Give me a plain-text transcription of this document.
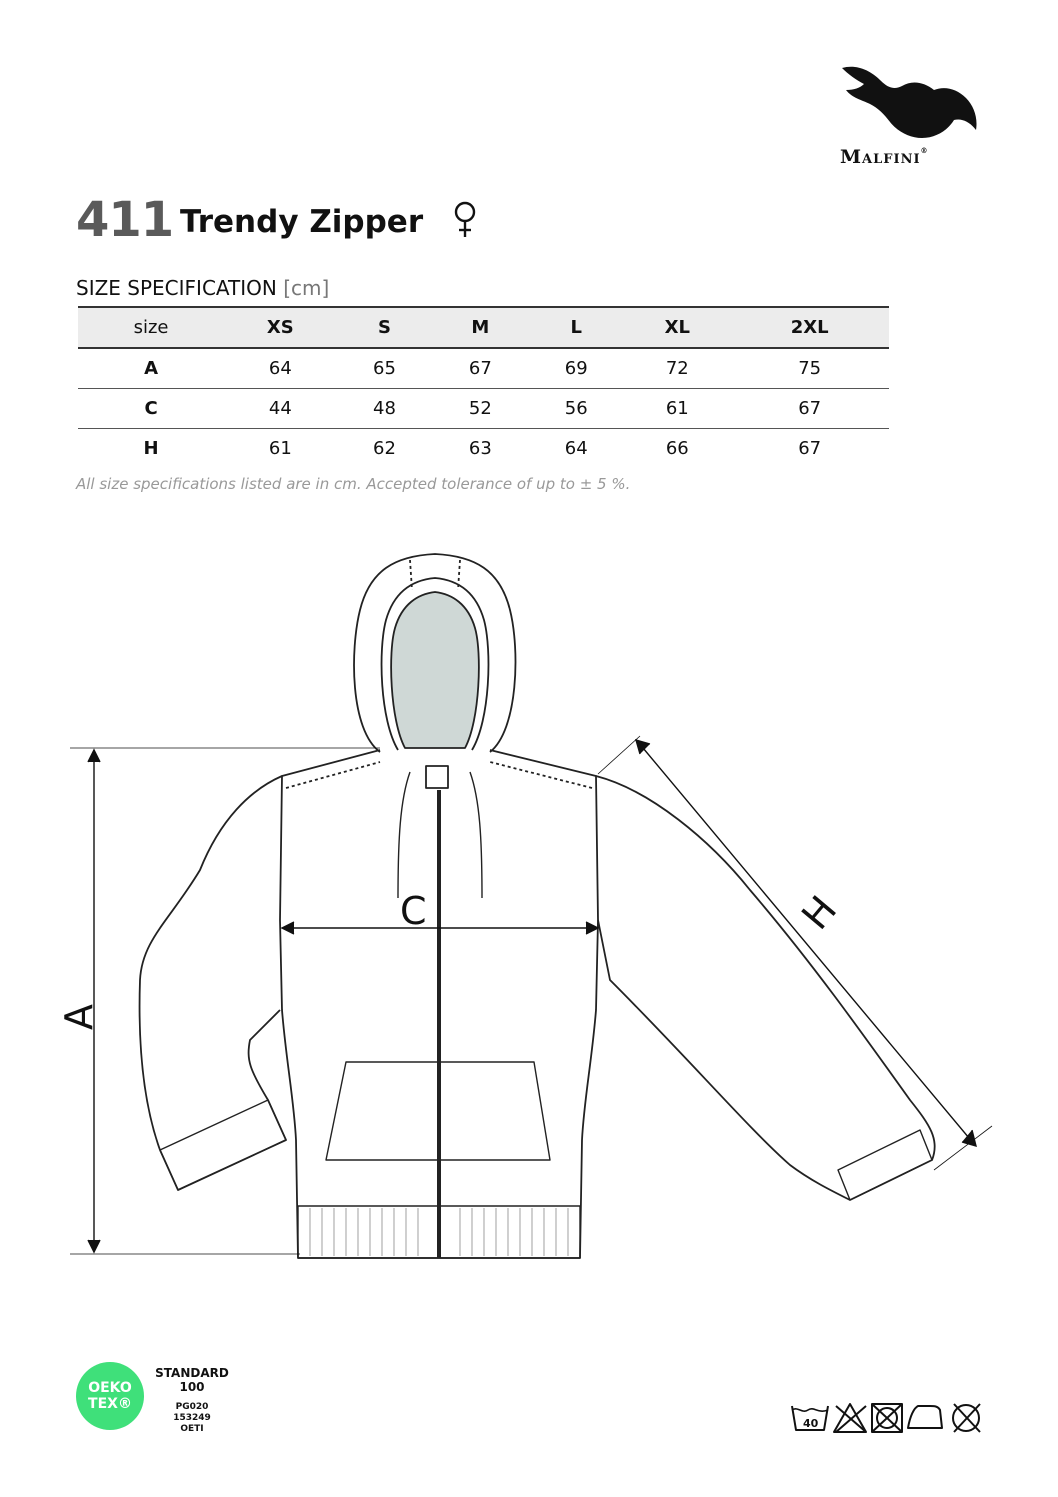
Malfini®
411 Trendy Zipper
SIZE SPECIFICATION [cm]
size	XS	S	M	L	XL	2XL
A	64	65	67	69	72	75
C	44	48	52	56	61	67
H	61	62	63	64	66	67
All size specifications listed are in cm. Accepted tolerance of up to ± 5 %.
A
C	H
OEKO
TEX®
STANDARD
100
PG020 153249
OETI	40
